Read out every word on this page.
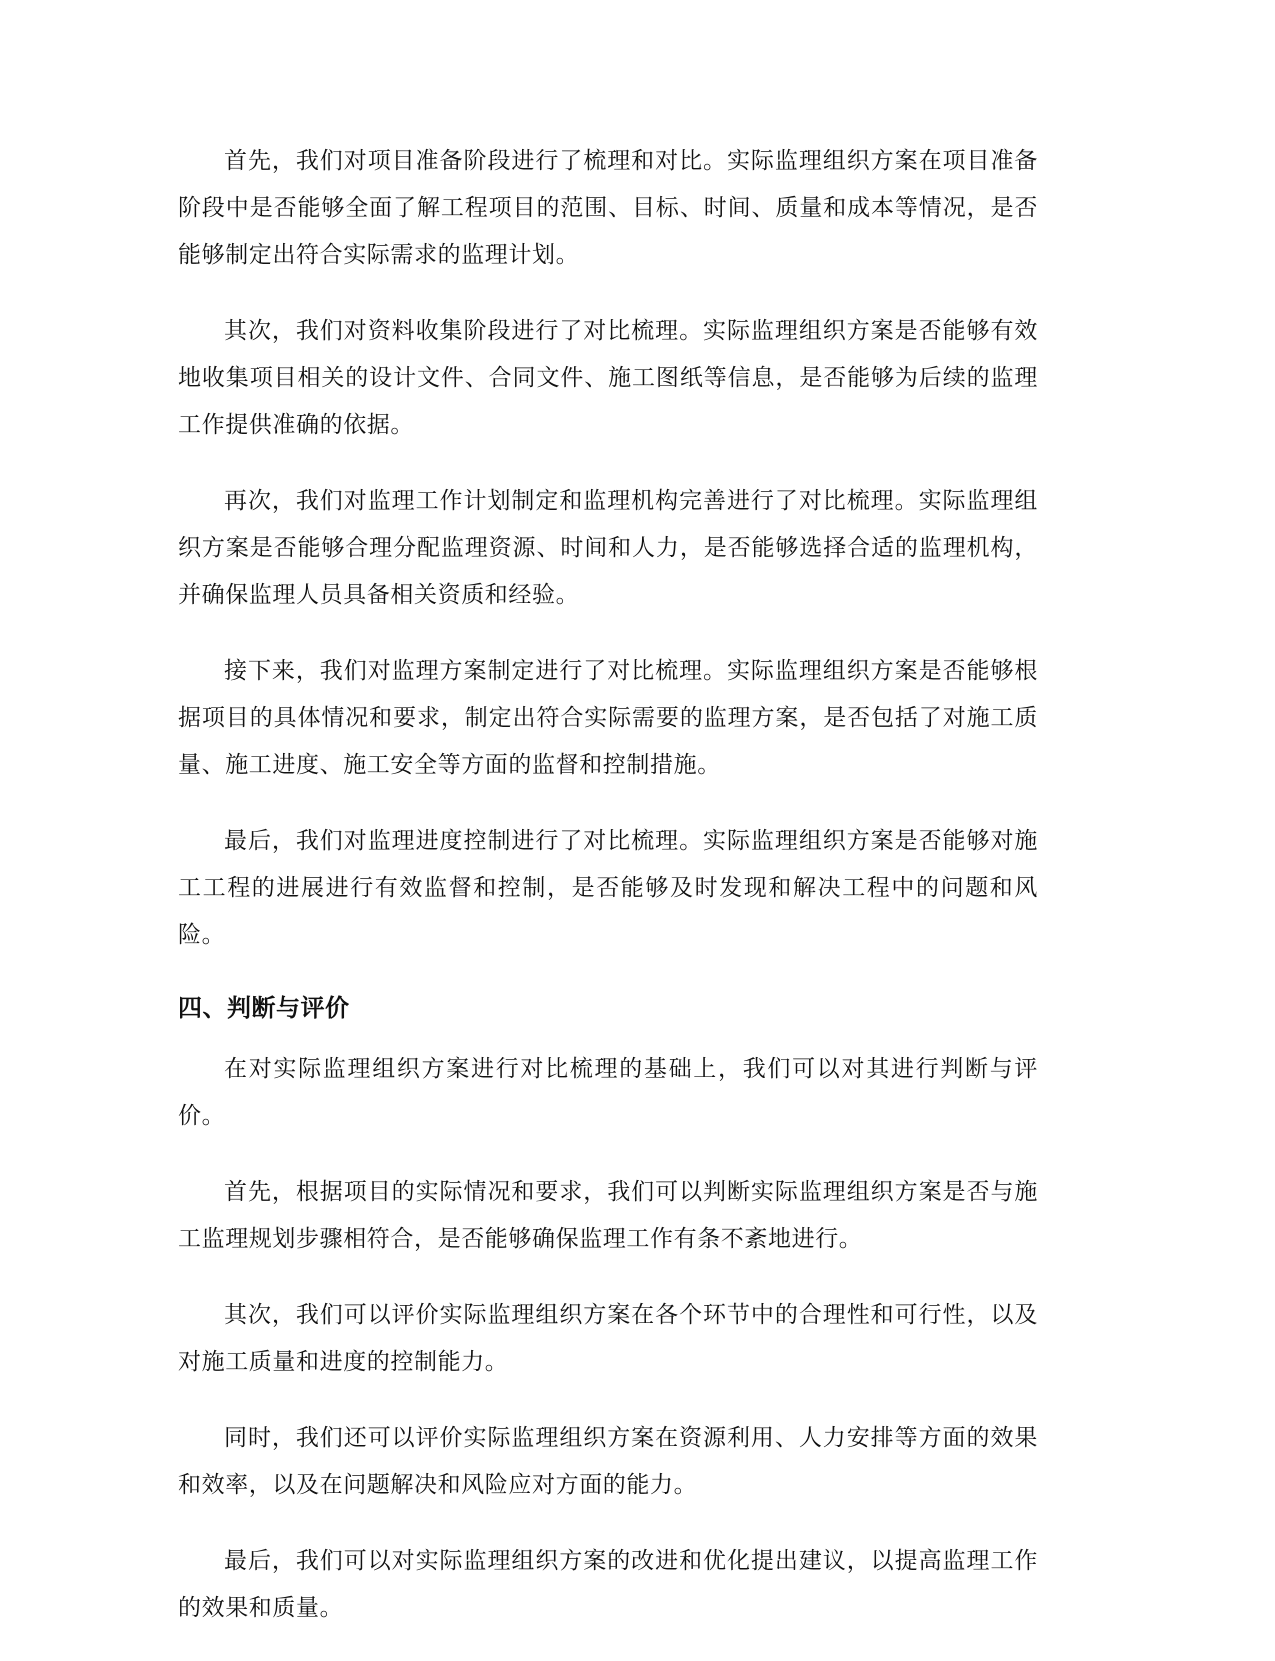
首先，我们对项目准备阶段进行了梳理和对比。实际监理组织方案在项目准备阶段中是否能够全面了解工程项目的范围、目标、时间、质量和成本等情况，是否能够制定出符合实际需求的监理计划。

其次，我们对资料收集阶段进行了对比梳理。实际监理组织方案是否能够有效地收集项目相关的设计文件、合同文件、施工图纸等信息，是否能够为后续的监理工作提供准确的依据。

再次，我们对监理工作计划制定和监理机构完善进行了对比梳理。实际监理组织方案是否能够合理分配监理资源、时间和人力，是否能够选择合适的监理机构，并确保监理人员具备相关资质和经验。

接下来，我们对监理方案制定进行了对比梳理。实际监理组织方案是否能够根据项目的具体情况和要求，制定出符合实际需要的监理方案，是否包括了对施工质量、施工进度、施工安全等方面的监督和控制措施。

最后，我们对监理进度控制进行了对比梳理。实际监理组织方案是否能够对施工工程的进展进行有效监督和控制，是否能够及时发现和解决工程中的问题和风险。

四、判断与评价

在对实际监理组织方案进行对比梳理的基础上，我们可以对其进行判断与评价。

首先，根据项目的实际情况和要求，我们可以判断实际监理组织方案是否与施工监理规划步骤相符合，是否能够确保监理工作有条不紊地进行。

其次，我们可以评价实际监理组织方案在各个环节中的合理性和可行性，以及对施工质量和进度的控制能力。

同时，我们还可以评价实际监理组织方案在资源利用、人力安排等方面的效果和效率，以及在问题解决和风险应对方面的能力。

最后，我们可以对实际监理组织方案的改进和优化提出建议，以提高监理工作的效果和质量。
